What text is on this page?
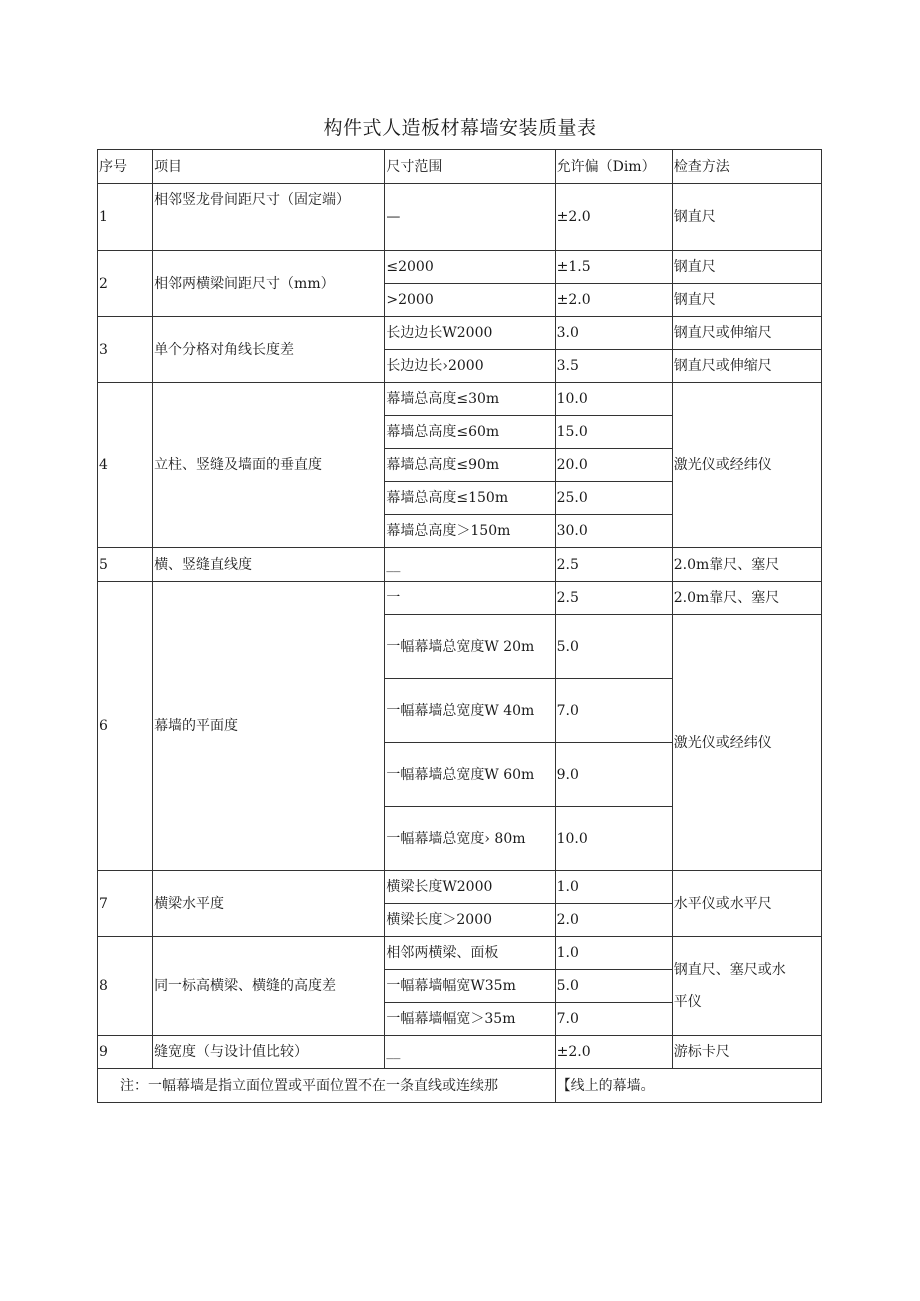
构件式人造板材幕墙安装质量表
序号	项目	尺寸范围	允许偏（Dim）	检查方法
1	相邻竖龙骨间距尺寸（固定端）	—	±2.0	钢直尺
2	相邻两横梁间距尺寸（mm）	≤2000	±1.5	钢直尺
		>2000	±2.0	钢直尺
3	单个分格对角线长度差	长边边长W2000	3.0	钢直尺或伸缩尺
		长边边长›2000	3.5	钢直尺或伸缩尺
4	立柱、竖缝及墙面的垂直度	幕墙总高度≤30m	10.0	激光仪或经纬仪
		幕墙总高度≤60m	15.0	
		幕墙总高度≤90m	20.0	
		幕墙总高度≤150m	25.0	
		幕墙总高度＞150m	30.0	
5	横、竖缝直线度	__	2.5	2.0m靠尺、塞尺
6	幕墙的平面度	一	2.5	2.0m靠尺、塞尺
		一幅幕墙总宽度W 20m	5.0	激光仪或经纬仪
		一幅幕墙总宽度W 40m	7.0	
		一幅幕墙总宽度W 60m	9.0	
		一幅幕墙总宽度› 80m	10.0	
7	横梁水平度	横梁长度W2000	1.0	水平仪或水平尺
		横梁长度＞2000	2.0	
8	同一标高横梁、横缝的高度差	相邻两横梁、面板	1.0	钢直尺、塞尺或水平仪
		一幅幕墙幅宽W35m	5.0	
		一幅幕墙幅宽＞35m	7.0	
9	缝宽度（与设计值比较）	__	±2.0	游标卡尺
注：一幅幕墙是指立面位置或平面位置不在一条直线或连续那			【线上的幕墙。	
